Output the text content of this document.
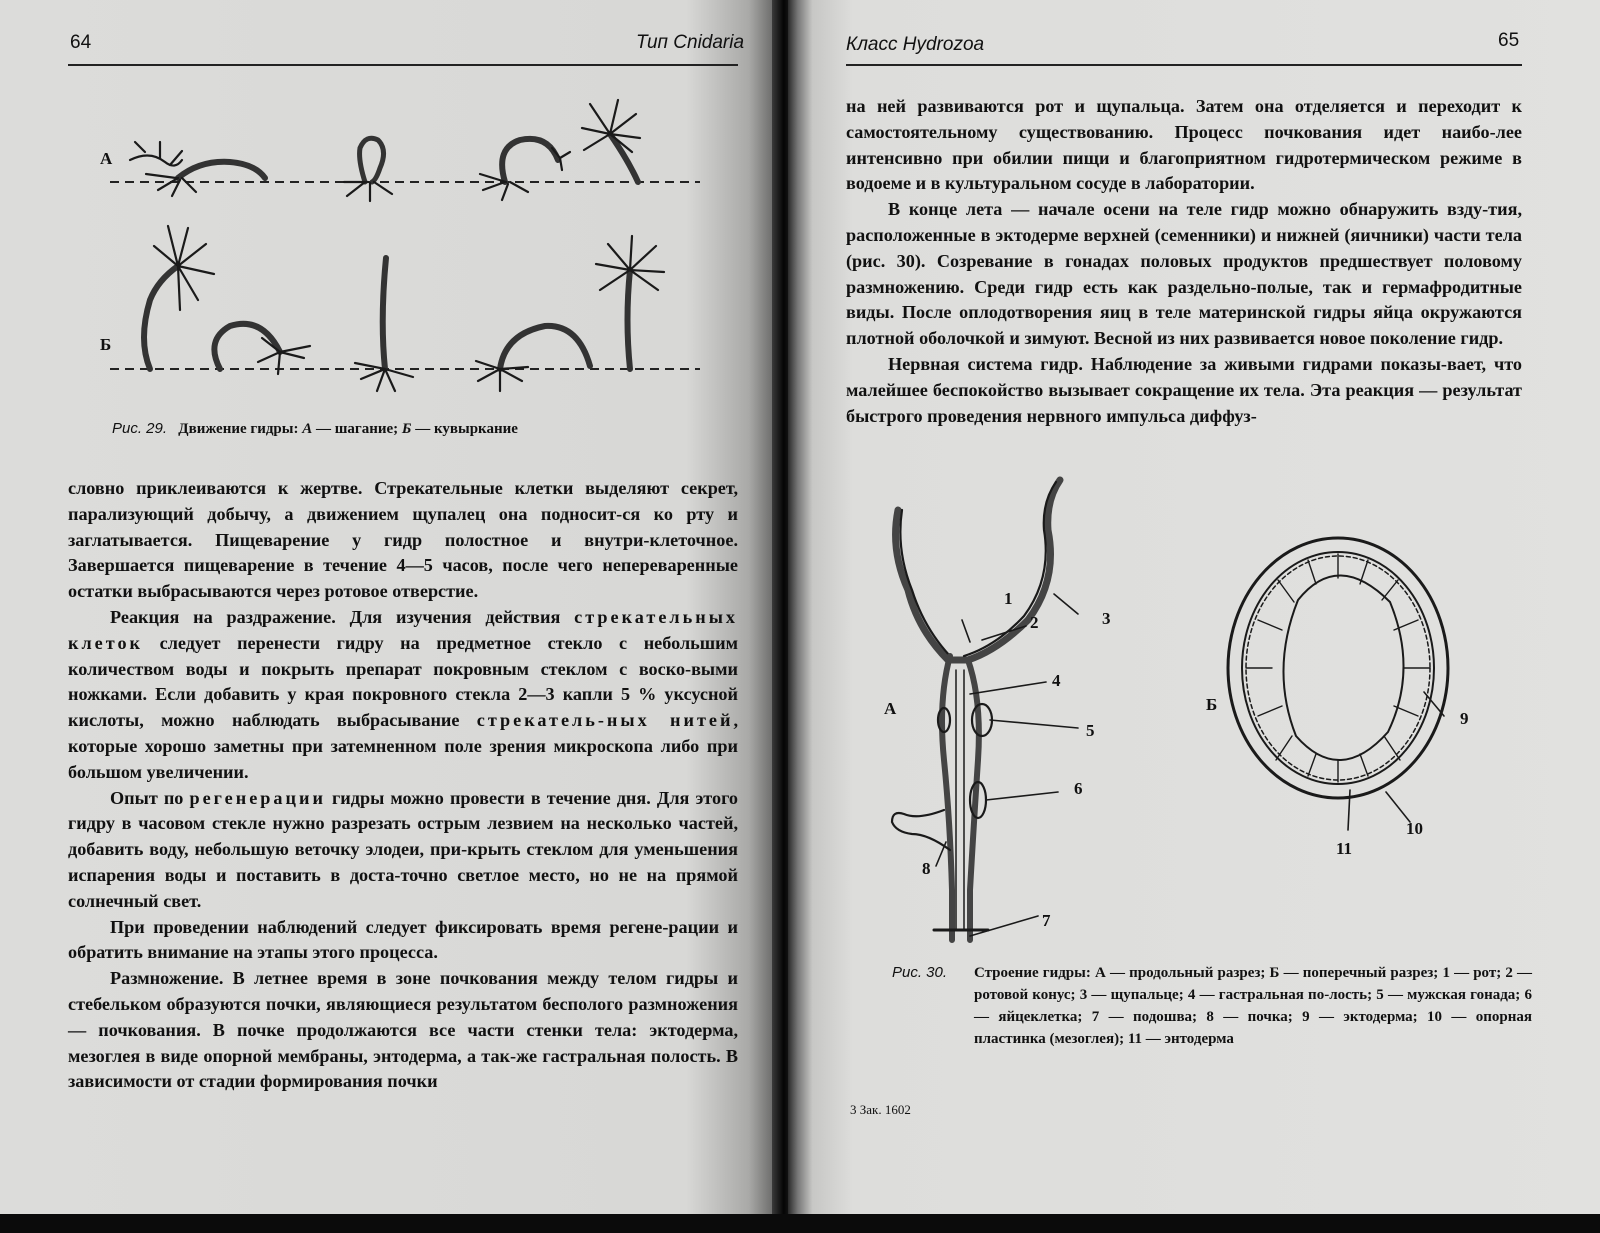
64	Тип Cnidaria
А
Б
Рис. 29. Движение гидры: А — шагание; Б — кувыркание

словно приклеиваются к жертве. Стрекательные клетки выделяют секрет, парализующий добычу, а движением щупалец она подносит-ся ко рту и заглатывается. Пищеварение у гидр полостное и внутри-клеточное. Завершается пищеварение в течение 4—5 часов, после чего непереваренные остатки выбрасываются через ротовое отверстие.

Реакция на раздражение. Для изучения действия стрекательных клеток следует перенести гидру на предметное стекло с небольшим количеством воды и покрыть препарат покровным стеклом с воско-выми ножками. Если добавить у края покровного стекла 2—3 капли 5 % уксусной кислоты, можно наблюдать выбрасывание стрекатель-ных нитей, которые хорошо заметны при затемненном поле зрения микроскопа либо при большом увеличении.

Опыт по регенерации гидры можно провести в течение дня. Для этого гидру в часовом стекле нужно разрезать острым лезвием на несколько частей, добавить воду, небольшую веточку элодеи, при-крыть стеклом для уменьшения испарения воды и поставить в доста-точно светлое место, но не на прямой солнечный свет.

При проведении наблюдений следует фиксировать время регене-рации и обратить внимание на этапы этого процесса.

Размножение. В летнее время в зоне почкования между телом гидры и стебельком образуются почки, являющиеся результатом бесполого размножения — почкования. В почке продолжаются все части стенки тела: эктодерма, мезоглея в виде опорной мембраны, энтодерма, а так-же гастральная полость. В зависимости от стадии формирования почки

Класс Hydrozoa	65

на ней развиваются рот и щупальца. Затем она отделяется и переходит к самостоятельному существованию. Процесс почкования идет наибо-лее интенсивно при обилии пищи и благоприятном гидротермическом режиме в водоеме и в культуральном сосуде в лаборатории.

В конце лета — начале осени на теле гидр можно обнаружить взду-тия, расположенные в эктодерме верхней (семенники) и нижней (яичники) части тела (рис. 30). Созревание в гонадах половых продуктов предшествует половому размножению. Среди гидр есть как раздельно-полые, так и гермафродитные виды. После оплодотворения яиц в теле материнской гидры яйца окружаются плотной оболочкой и зимуют. Весной из них развивается новое поколение гидр.

Нервная система гидр. Наблюдение за живыми гидрами показы-вает, что малейшее беспокойство вызывает сокращение их тела. Эта реакция — результат быстрого проведения нервного импульса диффуз-

А
1
2	3
4
5
6
7
8
Б
9
10
11
Рис. 30. Строение гидры: А — продольный разрез; Б — поперечный разрез; 1 — рот; 2 — ротовой конус; 3 — щупальце; 4 — гастральная по-лость; 5 — мужская гонада; 6 — яйцеклетка; 7 — подошва; 8 — почка; 9 — эктодерма; 10 — опорная пластинка (мезоглея); 11 — энтодерма
3 Зак. 1602
